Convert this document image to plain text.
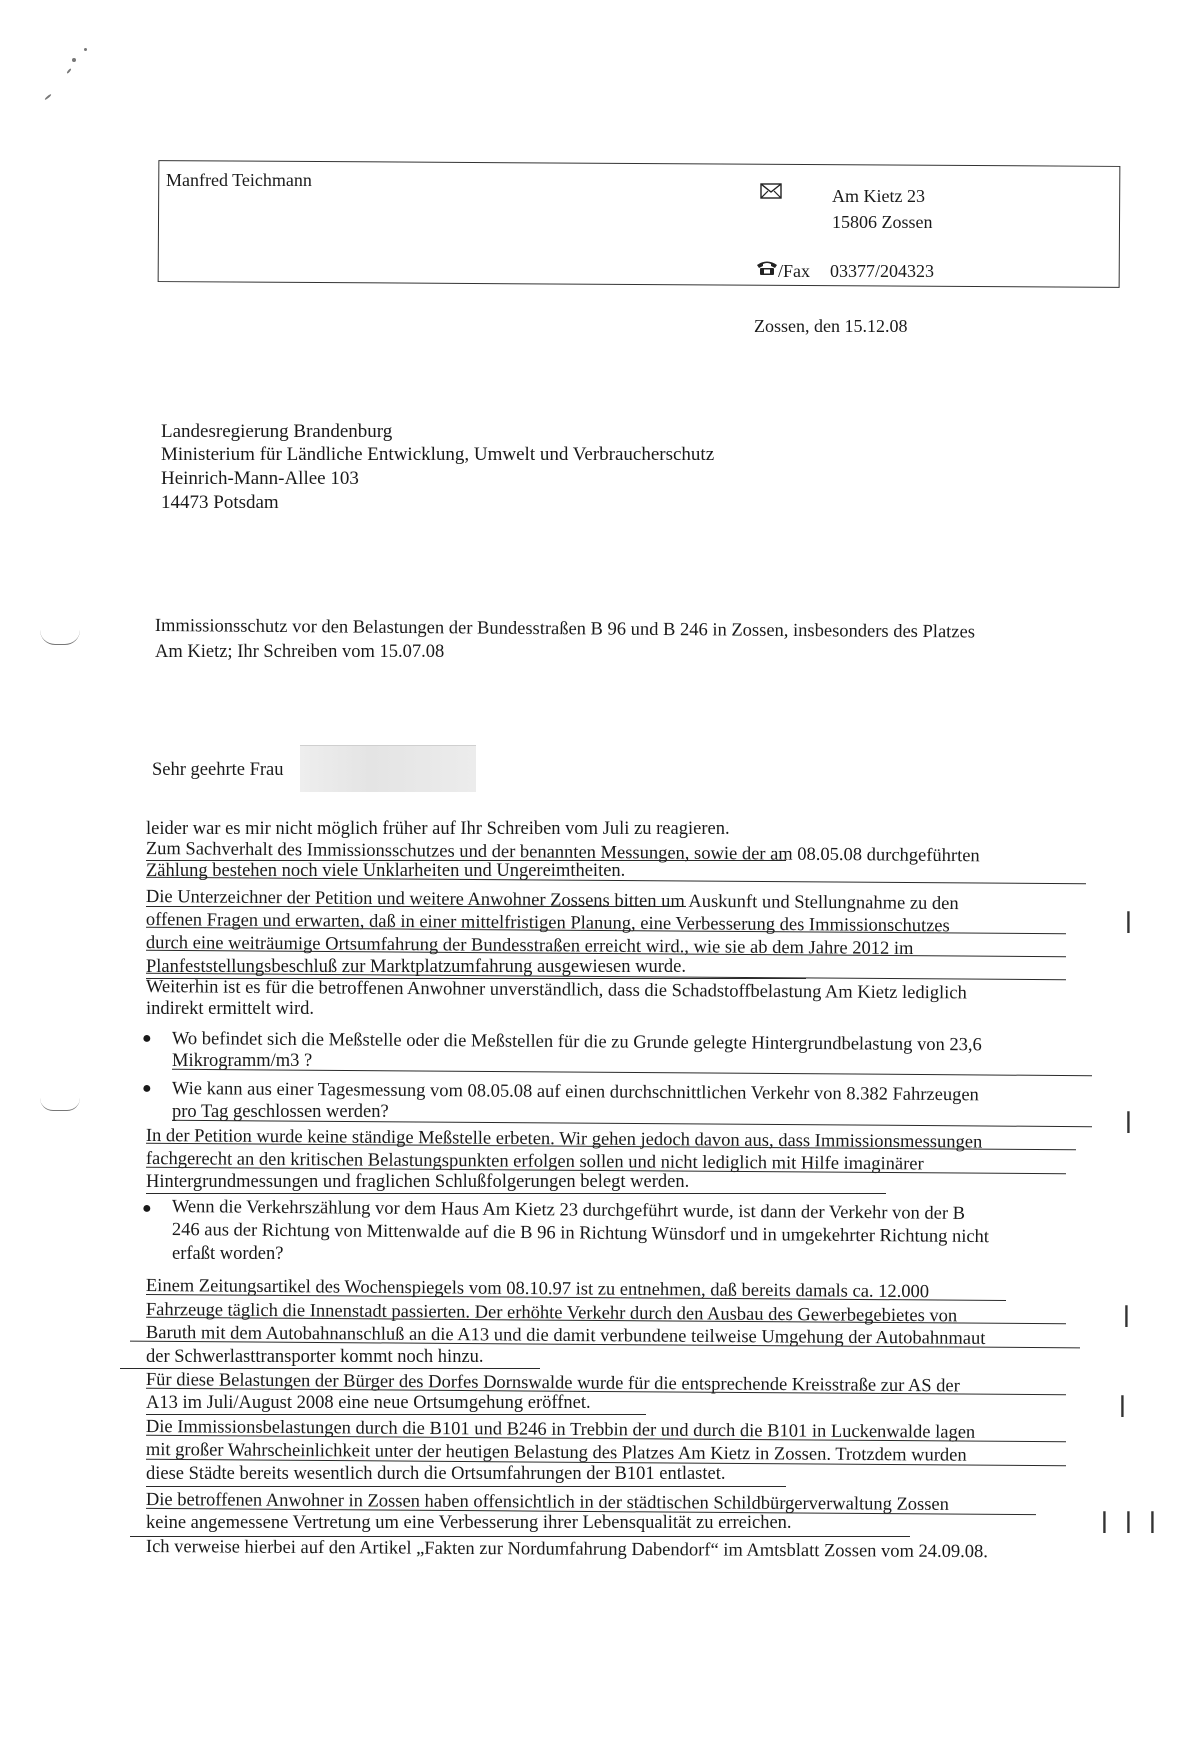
Manfred Teichmann
Am Kietz 23
15806 Zossen
/Fax 03377/204323
Zossen, den 15.12.08
Landesregierung Brandenburg
Ministerium für Ländliche Entwicklung, Umwelt und Verbraucherschutz
Heinrich-Mann-Allee 103
14473 Potsdam
Immissionsschutz vor den Belastungen der Bundesstraßen B 96 und B 246 in Zossen, insbesonders des Platzes
Am Kietz; Ihr Schreiben vom 15.07.08
Sehr geehrte Frau
leider war es mir nicht möglich früher auf Ihr Schreiben vom Juli zu reagieren.
Zum Sachverhalt des Immissionsschutzes und der benannten Messungen, sowie der am 08.05.08 durchgeführten
Zählung bestehen noch viele Unklarheiten und Ungereimtheiten.
Die Unterzeichner der Petition und weitere Anwohner Zossens bitten um Auskunft und Stellungnahme zu den
offenen Fragen und erwarten, daß in einer mittelfristigen Planung, eine Verbesserung des Immissionschutzes
durch eine weiträumige Ortsumfahrung der Bundesstraßen erreicht wird., wie sie ab dem Jahre 2012 im
Planfeststellungsbeschluß zur Marktplatzumfahrung ausgewiesen wurde.
Weiterhin ist es für die betroffenen Anwohner unverständlich, dass die Schadstoffbelastung Am Kietz lediglich
indirekt ermittelt wird.
● Wo befindet sich die Meßstelle oder die Meßstellen für die zu Grunde gelegte Hintergrundbelastung von 23,6
Mikrogramm/m3 ?
● Wie kann aus einer Tagesmessung vom 08.05.08 auf einen durchschnittlichen Verkehr von 8.382 Fahrzeugen
pro Tag geschlossen werden?
In der Petition wurde keine ständige Meßstelle erbeten. Wir gehen jedoch davon aus, dass Immissionsmessungen
fachgerecht an den kritischen Belastungspunkten erfolgen sollen und nicht lediglich mit Hilfe imaginärer
Hintergrundmessungen und fraglichen Schlußfolgerungen belegt werden.
● Wenn die Verkehrszählung vor dem Haus Am Kietz 23 durchgeführt wurde, ist dann der Verkehr von der B
246 aus der Richtung von Mittenwalde auf die B 96 in Richtung Wünsdorf und in umgekehrter Richtung nicht
erfaßt worden?
Einem Zeitungsartikel des Wochenspiegels vom 08.10.97 ist zu entnehmen, daß bereits damals ca. 12.000
Fahrzeuge täglich die Innenstadt passierten. Der erhöhte Verkehr durch den Ausbau des Gewerbegebietes von
Baruth mit dem Autobahnanschluß an die A13 und die damit verbundene teilweise Umgehung der Autobahnmaut
der Schwerlasttransporter kommt noch hinzu.
Für diese Belastungen der Bürger des Dorfes Dornswalde wurde für die entsprechende Kreisstraße zur AS der
A13 im Juli/August 2008 eine neue Ortsumgehung eröffnet.
Die Immissionsbelastungen durch die B101 und B246 in Trebbin der und durch die B101 in Luckenwalde lagen
mit großer Wahrscheinlichkeit unter der heutigen Belastung des Platzes Am Kietz in Zossen. Trotzdem wurden
diese Städte bereits wesentlich durch die Ortsumfahrungen der B101 entlastet.
Die betroffenen Anwohner in Zossen haben offensichtlich in der städtischen Schildbürgerverwaltung Zossen
keine angemessene Vertretung um eine Verbesserung ihrer Lebensqualität zu erreichen.
Ich verweise hierbei auf den Artikel „Fakten zur Nordumfahrung Dabendorf“ im Amtsblatt Zossen vom 24.09.08.
ǀ
ǀ
ǀ
ǀ
ǀ ǀ ǀ
